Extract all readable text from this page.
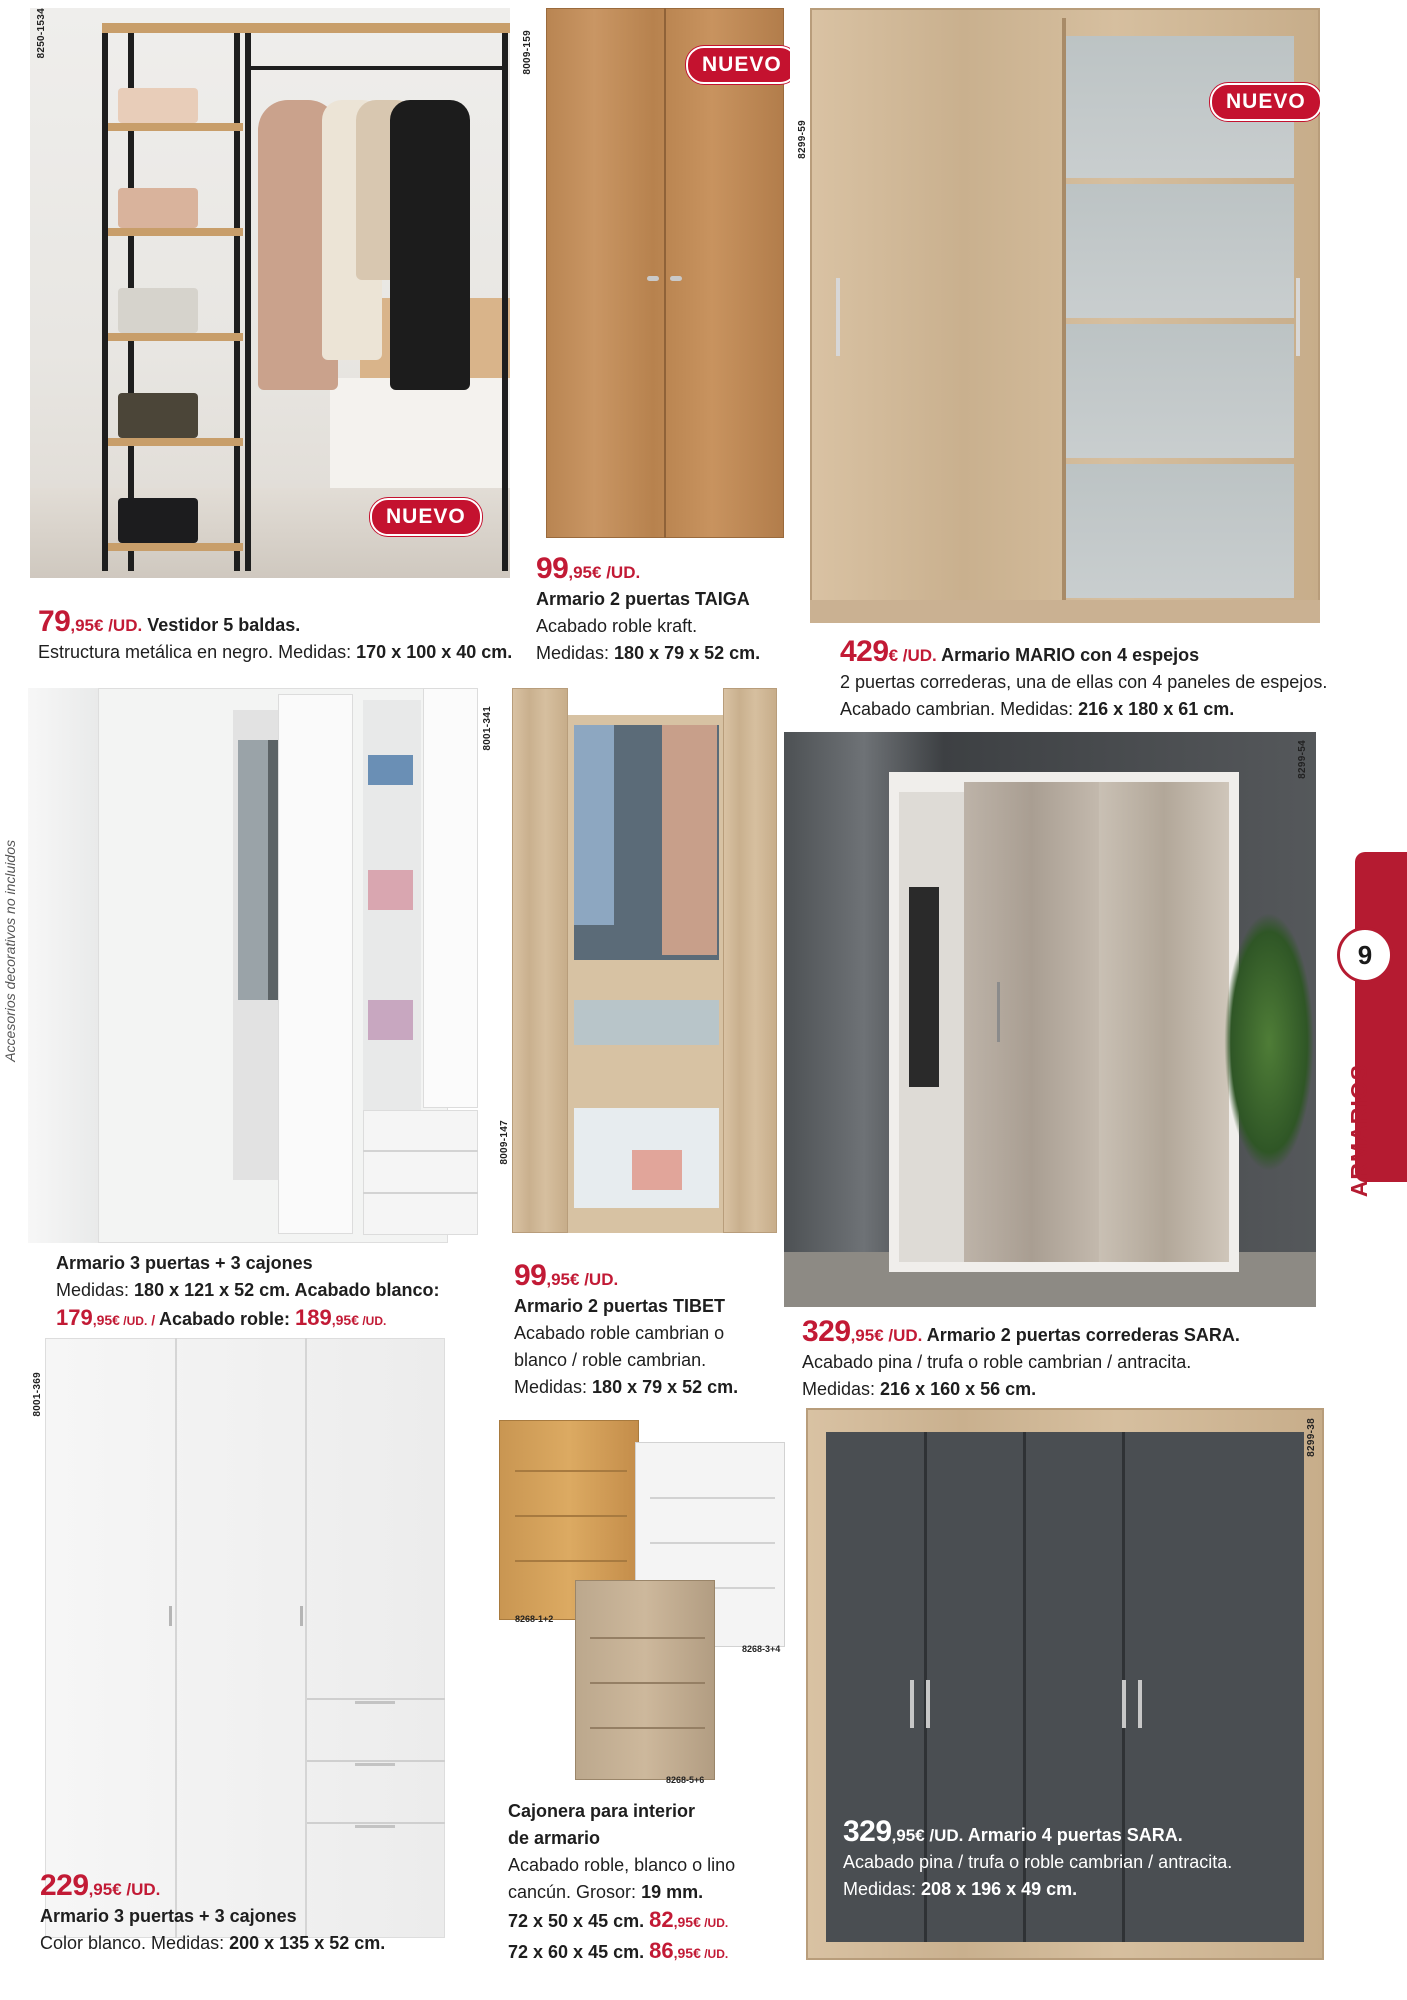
Accesorios decorativos no incluidos	9
ARMARIOS
NUEVO
8250-1534
79,95€ /UD. Vestidor 5 baldas.
Estructura metálica en negro. Medidas: 170 x 100 x 40 cm.
NUEVO
8009-159
99,95€ /UD.
Armario 2 puertas TAIGA
Acabado roble kraft.
Medidas: 180 x 79 x 52 cm.
NUEVO
8299-59
429€ /UD. Armario MARIO con 4 espejos
2 puertas correderas, una de ellas con 4 paneles de espejos.
Acabado cambrian. Medidas: 216 x 180 x 61 cm.
8001-341
Armario 3 puertas + 3 cajones
Medidas: 180 x 121 x 52 cm. Acabado blanco:
179,95€ /UD. / Acabado roble: 189,95€ /UD.
8009-147
99,95€ /UD.
Armario 2 puertas TIBET
Acabado roble cambrian o
blanco / roble cambrian.
Medidas: 180 x 79 x 52 cm.
8299-54
329,95€ /UD. Armario 2 puertas correderas SARA.
Acabado pina / trufa o roble cambrian / antracita.
Medidas: 216 x 160 x 56 cm.
8001-369
229,95€ /UD.
Armario 3 puertas + 3 cajones
Color blanco. Medidas: 200 x 135 x 52 cm.
8268-1+2
8268-3+4
8268-5+6
Cajonera para interior
de armario
Acabado roble, blanco o lino
cancún. Grosor: 19 mm.
72 x 50 x 45 cm. 82,95€ /UD.
72 x 60 x 45 cm. 86,95€ /UD.
8299-38
329,95€ /UD. Armario 4 puertas SARA.
Acabado pina / trufa o roble cambrian / antracita.
Medidas: 208 x 196 x 49 cm.
